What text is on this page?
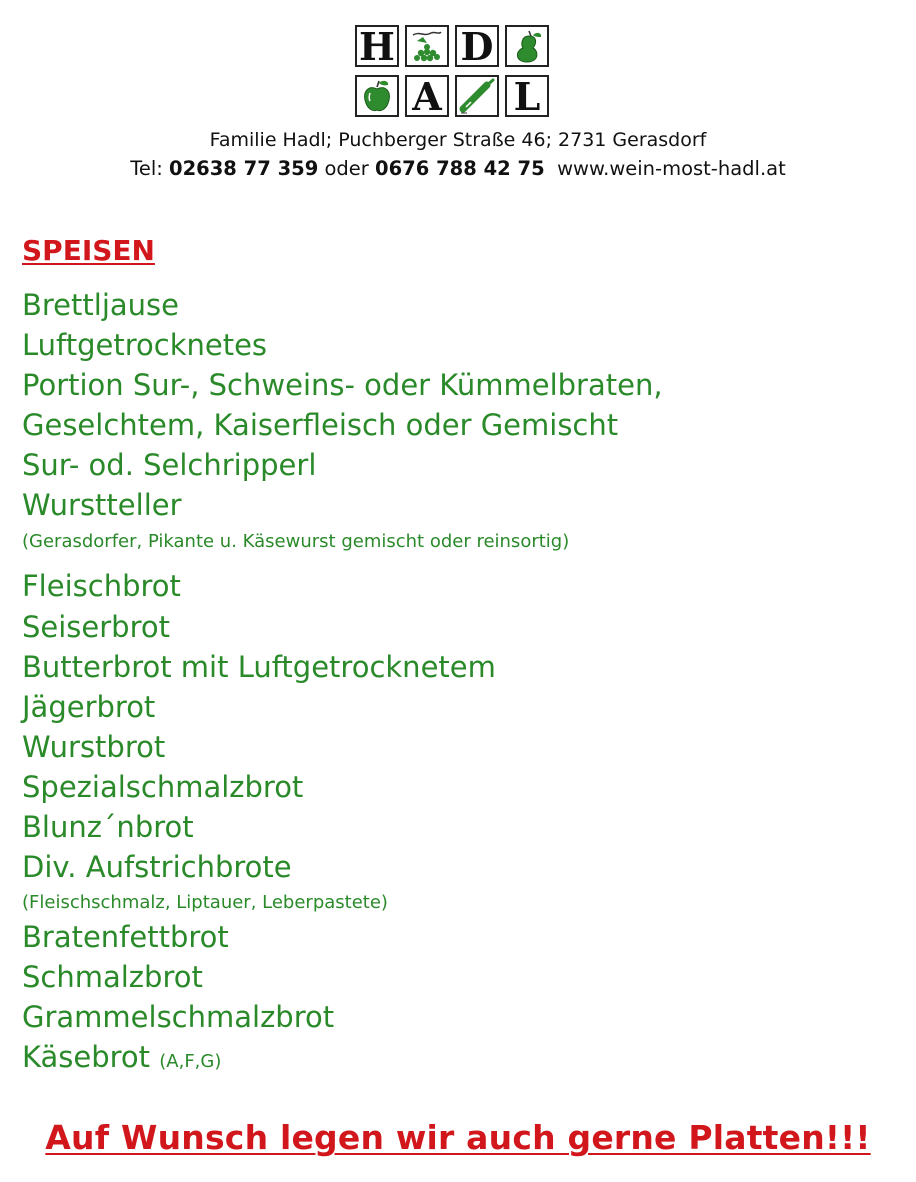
H D
A L
Familie Hadl; Puchberger Straße 46; 2731 Gerasdorf
Tel: 02638 77 359 oder 0676 788 42 75 www.wein-most-hadl.at
SPEISEN
Brettljause
Luftgetrocknetes
Portion Sur-, Schweins- oder Kümmelbraten,
Geselchtem, Kaiserfleisch oder Gemischt
Sur- od. Selchripperl
Wurstteller
(Gerasdorfer, Pikante u. Käsewurst gemischt oder reinsortig)
Fleischbrot
Seiserbrot
Butterbrot mit Luftgetrocknetem
Jägerbrot
Wurstbrot
Spezialschmalzbrot
Blunz´nbrot
Div. Aufstrichbrote
(Fleischschmalz, Liptauer, Leberpastete)
Bratenfettbrot
Schmalzbrot
Grammelschmalzbrot
Käsebrot (A,F,G)
Auf Wunsch legen wir auch gerne Platten!!!
